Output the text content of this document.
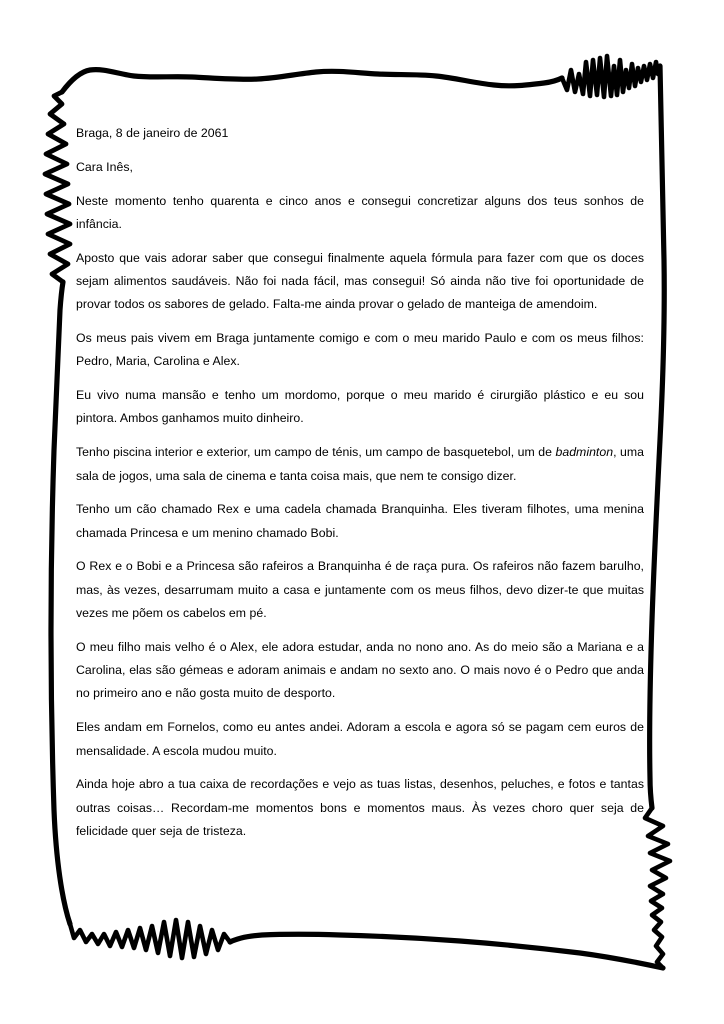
Braga, 8 de janeiro de 2061

Cara Inês,

Neste momento tenho quarenta e cinco anos e consegui concretizar alguns dos teus sonhos de infância.

Aposto que vais adorar saber que consegui finalmente aquela fórmula para fazer com que os doces sejam alimentos saudáveis. Não foi nada fácil, mas consegui! Só ainda não tive foi oportunidade de provar todos os sabores de gelado. Falta-me ainda provar o gelado de manteiga de amendoim.

Os meus pais vivem em Braga juntamente comigo e com o meu marido Paulo e com os meus filhos: Pedro, Maria, Carolina e Alex.

Eu vivo numa mansão e tenho um mordomo, porque o meu marido é cirurgião plástico e eu sou pintora. Ambos ganhamos muito dinheiro.

Tenho piscina interior e exterior, um campo de ténis, um campo de basquetebol, um de badminton, uma sala de jogos, uma sala de cinema e tanta coisa mais, que nem te consigo dizer.

Tenho um cão chamado Rex e uma cadela chamada Branquinha. Eles tiveram filhotes, uma menina chamada Princesa e um menino chamado Bobi.

O Rex e o Bobi e a Princesa são rafeiros a Branquinha é de raça pura. Os rafeiros não fazem barulho, mas, às vezes, desarrumam muito a casa e juntamente com os meus filhos, devo dizer-te que muitas vezes me põem os cabelos em pé.

O meu filho mais velho é o Alex, ele adora estudar, anda no nono ano. As do meio são a Mariana e a Carolina, elas são gémeas e adoram animais e andam no sexto ano. O mais novo é o Pedro que anda no primeiro ano e não gosta muito de desporto.

Eles andam em Fornelos, como eu antes andei. Adoram a escola e agora só se pagam cem euros de mensalidade. A escola mudou muito.

Ainda hoje abro a tua caixa de recordações e vejo as tuas listas, desenhos, peluches, e fotos e tantas outras coisas… Recordam-me momentos bons e momentos maus. Às vezes choro quer seja de felicidade quer seja de tristeza.
